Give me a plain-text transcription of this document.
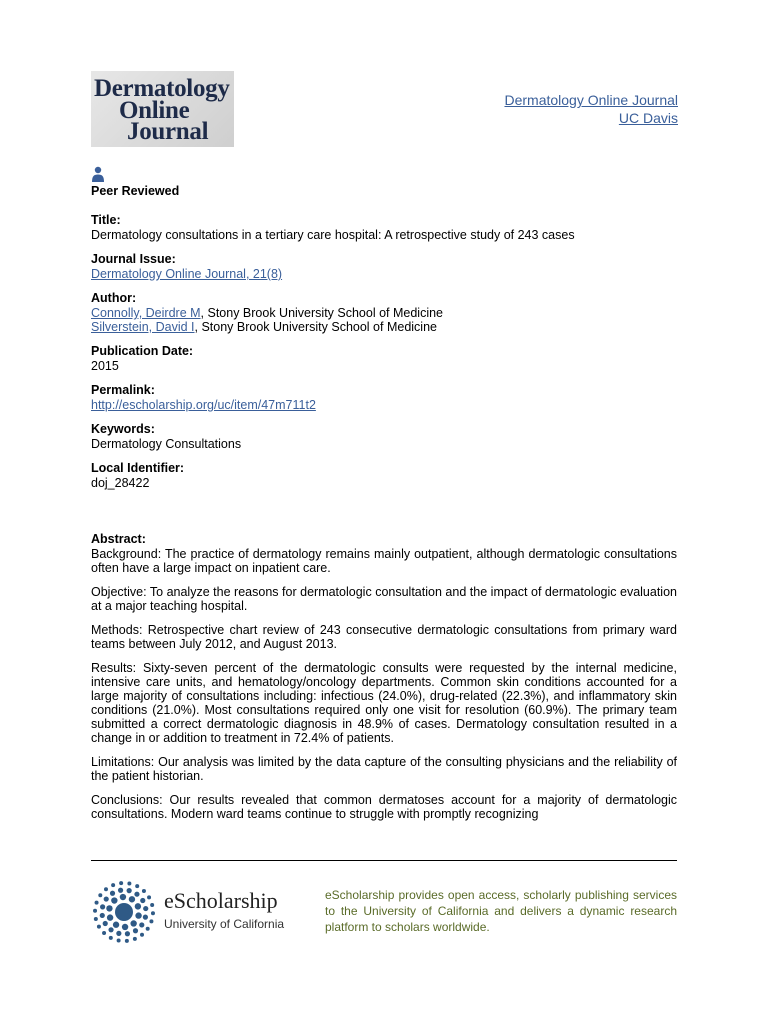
Dermatology
Online
Journal
Dermatology Online Journal
UC Davis
Peer Reviewed
Title:
Dermatology consultations in a tertiary care hospital: A retrospective study of 243 cases
Journal Issue:
Dermatology Online Journal, 21(8)
Author:
Connolly, Deirdre M, Stony Brook University School of Medicine
Silverstein, David I, Stony Brook University School of Medicine
Publication Date:
2015
Permalink:
http://escholarship.org/uc/item/47m711t2
Keywords:
Dermatology Consultations
Local Identifier:
doj_28422
Abstract:

Background: The practice of dermatology remains mainly outpatient, although dermatologic consultations often have a large impact on inpatient care.

Objective: To analyze the reasons for dermatologic consultation and the impact of dermatologic evaluation at a major teaching hospital.

Methods: Retrospective chart review of 243 consecutive dermatologic consultations from primary ward teams between July 2012, and August 2013.

Results: Sixty-seven percent of the dermatologic consults were requested by the internal medicine, intensive care units, and hematology/oncology departments. Common skin conditions accounted for a large majority of consultations including: infectious (24.0%), drug-related (22.3%), and inflammatory skin conditions (21.0%). Most consultations required only one visit for resolution (60.9%). The primary team submitted a correct dermatologic diagnosis in 48.9% of cases. Dermatology consultation resulted in a change in or addition to treatment in 72.4% of patients.

Limitations: Our analysis was limited by the data capture of the consulting physicians and the reliability of the patient historian.

Conclusions: Our results revealed that common dermatoses account for a majority of dermatologic consultations. Modern ward teams continue to struggle with promptly recognizing

eScholarship
University of California
eScholarship provides open access, scholarly publishing services to the University of California and delivers a dynamic research platform to scholars worldwide.
